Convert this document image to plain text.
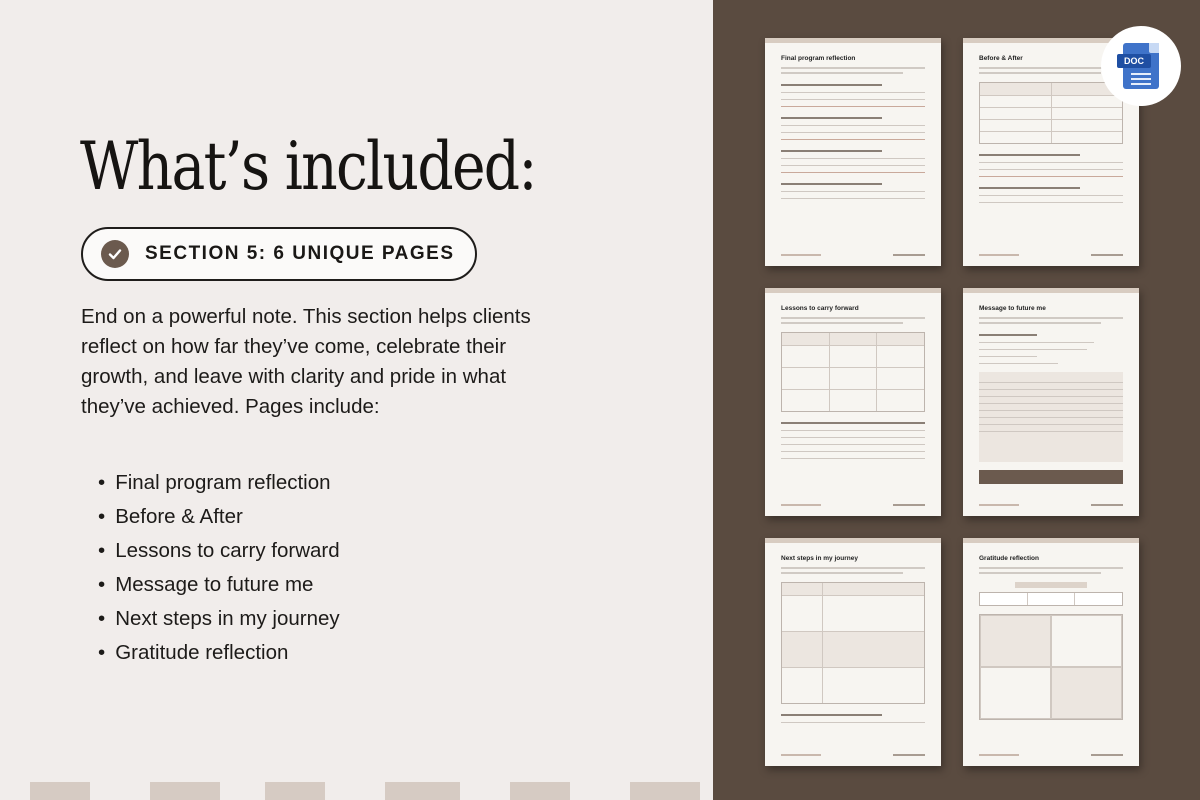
What’s included:
SECTION 5: 6 UNIQUE PAGES

End on a powerful note. This section helps clients reflect on how far they’ve come, celebrate their growth, and leave with clarity and pride in what they’ve achieved. Pages include:

• Final program reflection
• Before & After
• Lessons to carry forward
• Message to future me
• Next steps in my journey
• Gratitude reflection
Final program reflection	Before & After
Lessons to carry forward	Message to future me
Next steps in my journey	Gratitude reflection
DOC
